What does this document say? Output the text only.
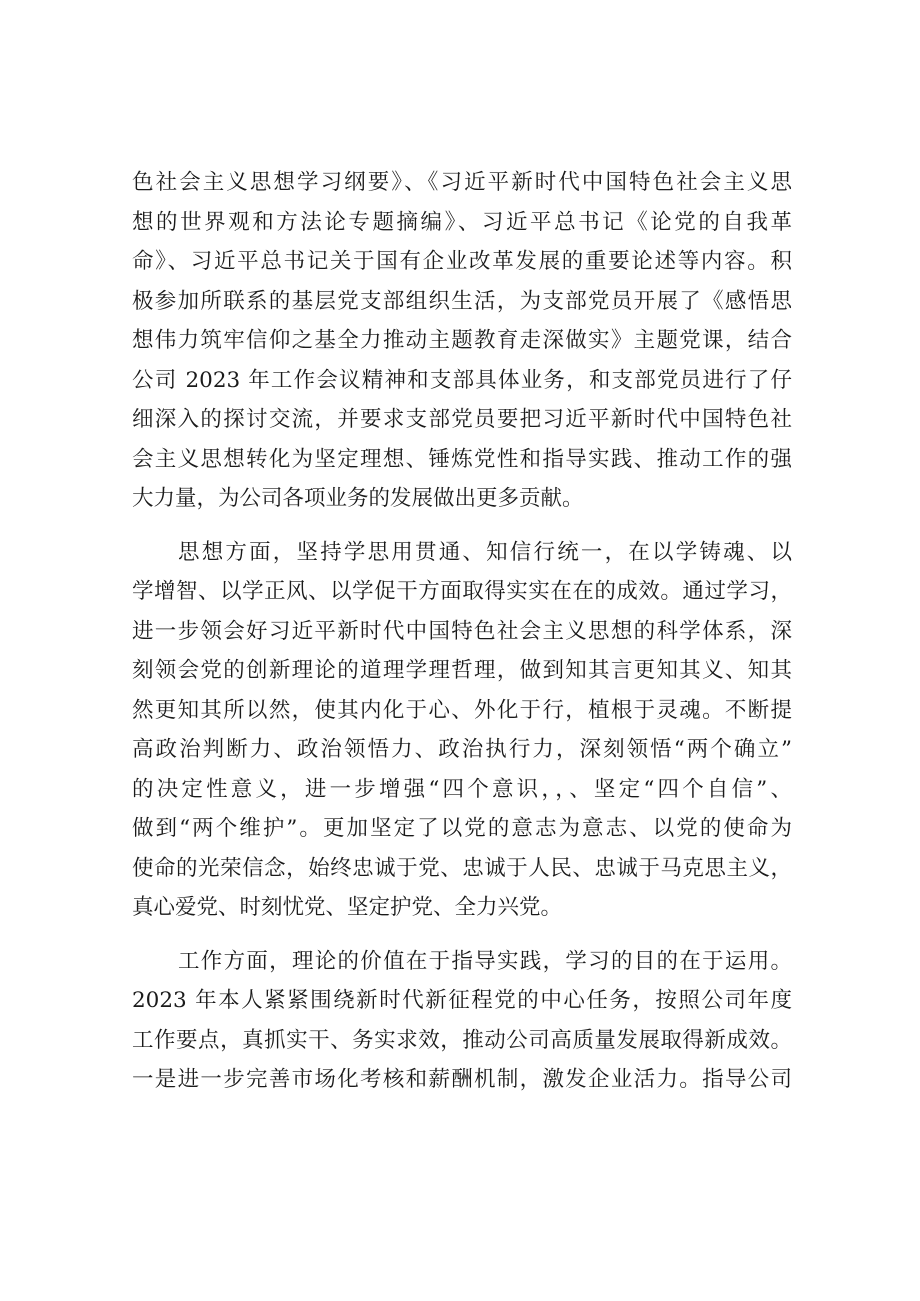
色社会主义思想学习纲要》、《习近平新时代中国特色社会主义思
想的世界观和方法论专题摘编》、习近平总书记《论党的自我革
命》、习近平总书记关于国有企业改革发展的重要论述等内容。积
极参加所联系的基层党支部组织生活，为支部党员开展了《感悟思
想伟力筑牢信仰之基全力推动主题教育走深做实》主题党课，结合
公司 2023 年工作会议精神和支部具体业务，和支部党员进行了仔
细深入的探讨交流，并要求支部党员要把习近平新时代中国特色社
会主义思想转化为坚定理想、锤炼党性和指导实践、推动工作的强
大力量，为公司各项业务的发展做出更多贡献。

思想方面，坚持学思用贯通、知信行统一，在以学铸魂、以
学增智、以学正风、以学促干方面取得实实在在的成效。通过学习，
进一步领会好习近平新时代中国特色社会主义思想的科学体系，深
刻领会党的创新理论的道理学理哲理，做到知其言更知其义、知其
然更知其所以然，使其内化于心、外化于行，植根于灵魂。不断提
高政治判断力、政治领悟力、政治执行力，深刻领悟“两个确立”
的决定性意义，进一步增强“四个意识，，、坚定“四个自信”、
做到“两个维护”。更加坚定了以党的意志为意志、以党的使命为
使命的光荣信念，始终忠诚于党、忠诚于人民、忠诚于马克思主义，
真心爱党、时刻忧党、坚定护党、全力兴党。

工作方面，理论的价值在于指导实践，学习的目的在于运用。
2023 年本人紧紧围绕新时代新征程党的中心任务，按照公司年度
工作要点，真抓实干、务实求效，推动公司高质量发展取得新成效。
一是进一步完善市场化考核和薪酬机制，激发企业活力。指导公司
